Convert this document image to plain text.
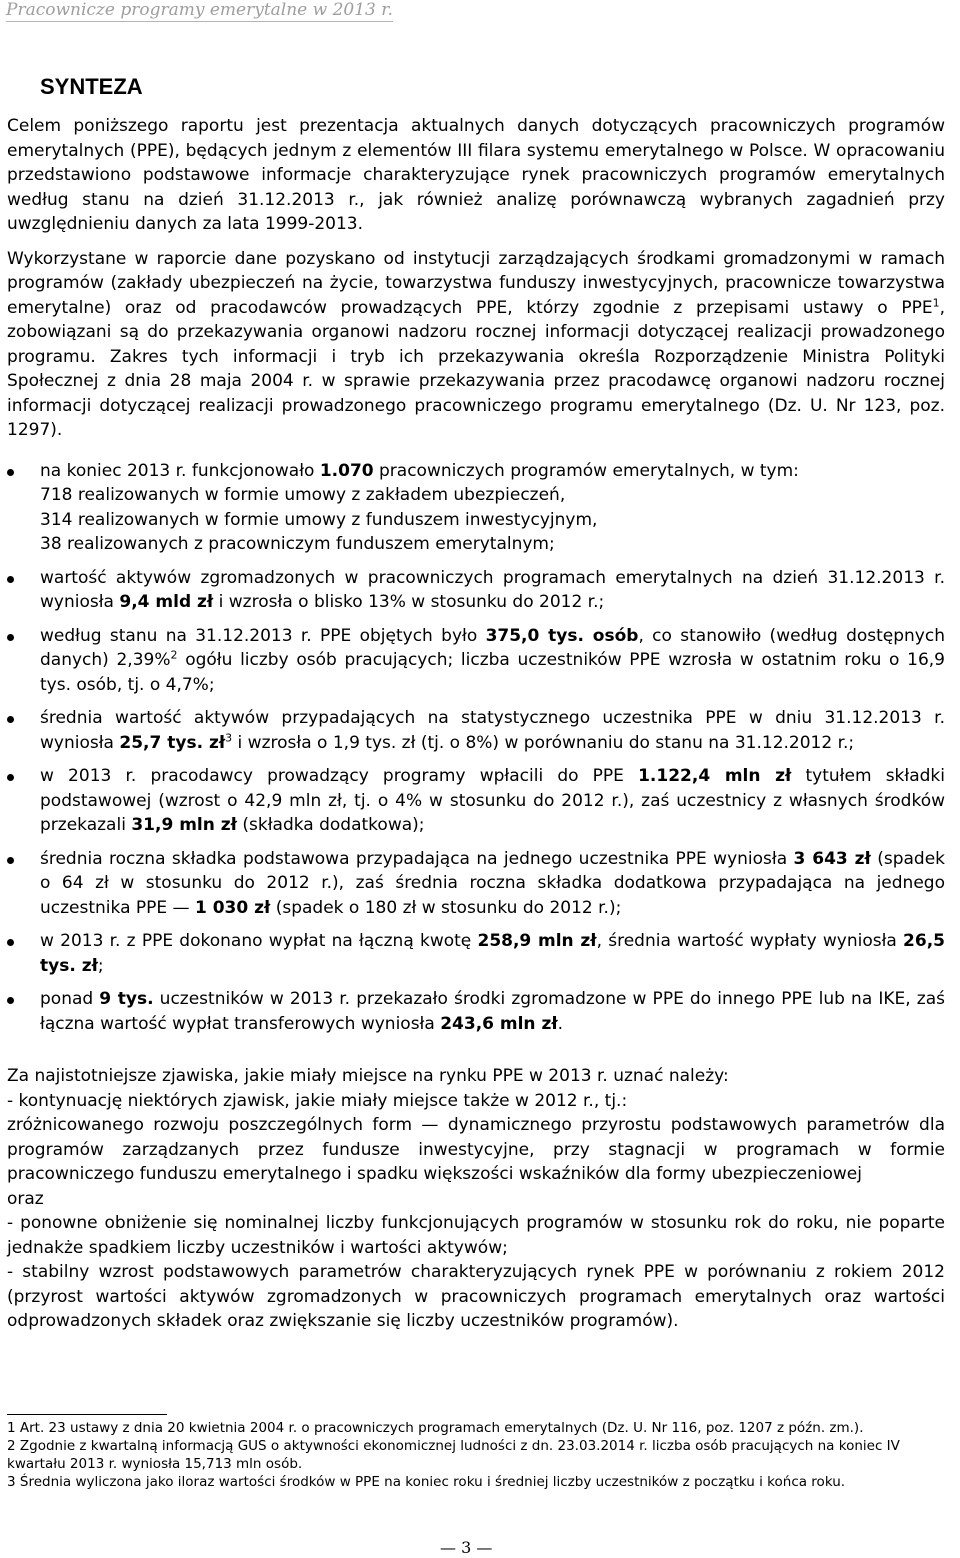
Pracownicze programy emerytalne w 2013 r.
SYNTEZA

Celem poniższego raportu jest prezentacja aktualnych danych dotyczących pracowniczych programów emerytalnych (PPE), będących jednym z elementów III filara systemu emerytalnego w Polsce. W opracowaniu przedstawiono podstawowe informacje charakteryzujące rynek pracowniczych programów emerytalnych według stanu na dzień 31.12.2013 r., jak również analizę porównawczą wybranych zagadnień przy uwzględnieniu danych za lata 1999-2013.

Wykorzystane w raporcie dane pozyskano od instytucji zarządzających środkami gromadzonymi w ramach programów (zakłady ubezpieczeń na życie, towarzystwa funduszy inwestycyjnych, pracownicze towarzystwa emerytalne) oraz od pracodawców prowadzących PPE, którzy zgodnie z przepisami ustawy o PPE$^1$, zobowiązani są do przekazywania organowi nadzoru rocznej informacji dotyczącej realizacji prowadzonego programu. Zakres tych informacji i tryb ich przekazywania określa Rozporządzenie Ministra Polityki Społecznej z dnia 28 maja 2004 r. w sprawie przekazywania przez pracodawcę organowi nadzoru rocznej informacji dotyczącej realizacji prowadzonego pracowniczego programu emerytalnego (Dz. U. Nr 123, poz. 1297).

na koniec 2013 r. funkcjonowało 1.070 pracowniczych programów emerytalnych, w tym:
718 realizowanych w formie umowy z zakładem ubezpieczeń,
314 realizowanych w formie umowy z funduszem inwestycyjnym,
38 realizowanych z pracowniczym funduszem emerytalnym;
wartość aktywów zgromadzonych w pracowniczych programach emerytalnych na dzień 31.12.2013 r. wyniosła 9,4 mld zł i wzrosła o blisko 13% w stosunku do 2012 r.;
według stanu na 31.12.2013 r. PPE objętych było 375,0 tys. osób, co stanowiło (według dostępnych danych) 2,39%$^2$ ogółu liczby osób pracujących; liczba uczestników PPE wzrosła w ostatnim roku o 16,9 tys. osób, tj. o 4,7%;
średnia wartość aktywów przypadających na statystycznego uczestnika PPE w dniu 31.12.2013 r. wyniosła 25,7 tys. $zł^3$ i wzrosła o 1,9 tys. zł (tj. o 8%) w porównaniu do stanu na 31.12.2012 r.;
w 2013 r. pracodawcy prowadzący programy wpłacili do PPE 1.122,4 mln zł tytułem składki podstawowej (wzrost o 42,9 mln zł, tj. o 4% w stosunku do 2012 r.), zaś uczestnicy z własnych środków przekazali 31,9 mln zł (składka dodatkowa);
średnia roczna składka podstawowa przypadająca na jednego uczestnika PPE wyniosła 3 643 zł (spadek o 64 zł w stosunku do 2012 r.), zaś średnia roczna składka dodatkowa przypadająca na jednego uczestnika PPE — 1 030 zł (spadek o 180 zł w stosunku do 2012 r.);
w 2013 r. z PPE dokonano wypłat na łączną kwotę 258,9 mln zł, średnia wartość wypłaty wyniosła 26,5 tys. zł;
ponad 9 tys. uczestników w 2013 r. przekazało środki zgromadzone w PPE do innego PPE lub na IKE, zaś łączna wartość wypłat transferowych wyniosła 243,6 mln zł.

Za najistotniejsze zjawiska, jakie miały miejsce na rynku PPE w 2013 r. uznać należy:

- kontynuację niektórych zjawisk, jakie miały miejsce także w 2012 r., tj.:

zróżnicowanego rozwoju poszczególnych form — dynamicznego przyrostu podstawowych parametrów dla programów zarządzanych przez fundusze inwestycyjne, przy stagnacji w programach w formie pracowniczego funduszu emerytalnego i spadku większości wskaźników dla formy ubezpieczeniowej

oraz

- ponowne obniżenie się nominalnej liczby funkcjonujących programów w stosunku rok do roku, nie poparte jednakże spadkiem liczby uczestników i wartości aktywów;

- stabilny wzrost podstawowych parametrów charakteryzujących rynek PPE w porównaniu z rokiem 2012 (przyrost wartości aktywów zgromadzonych w pracowniczych programach emerytalnych oraz wartości odprowadzonych składek oraz zwiększanie się liczby uczestników programów).

1 Art. 23 ustawy z dnia 20 kwietnia 2004 r. o pracowniczych programach emerytalnych (Dz. U. Nr 116, poz. 1207 z późn. zm.).

2 Zgodnie z kwartalną informacją GUS o aktywności ekonomicznej ludności z dn. 23.03.2014 r. liczba osób pracujących na koniec IV kwartału 2013 r. wyniosła 15,713 mln osób.

3 Średnia wyliczona jako iloraz wartości środków w PPE na koniec roku i średniej liczby uczestników z początku i końca roku.

— 3 —
